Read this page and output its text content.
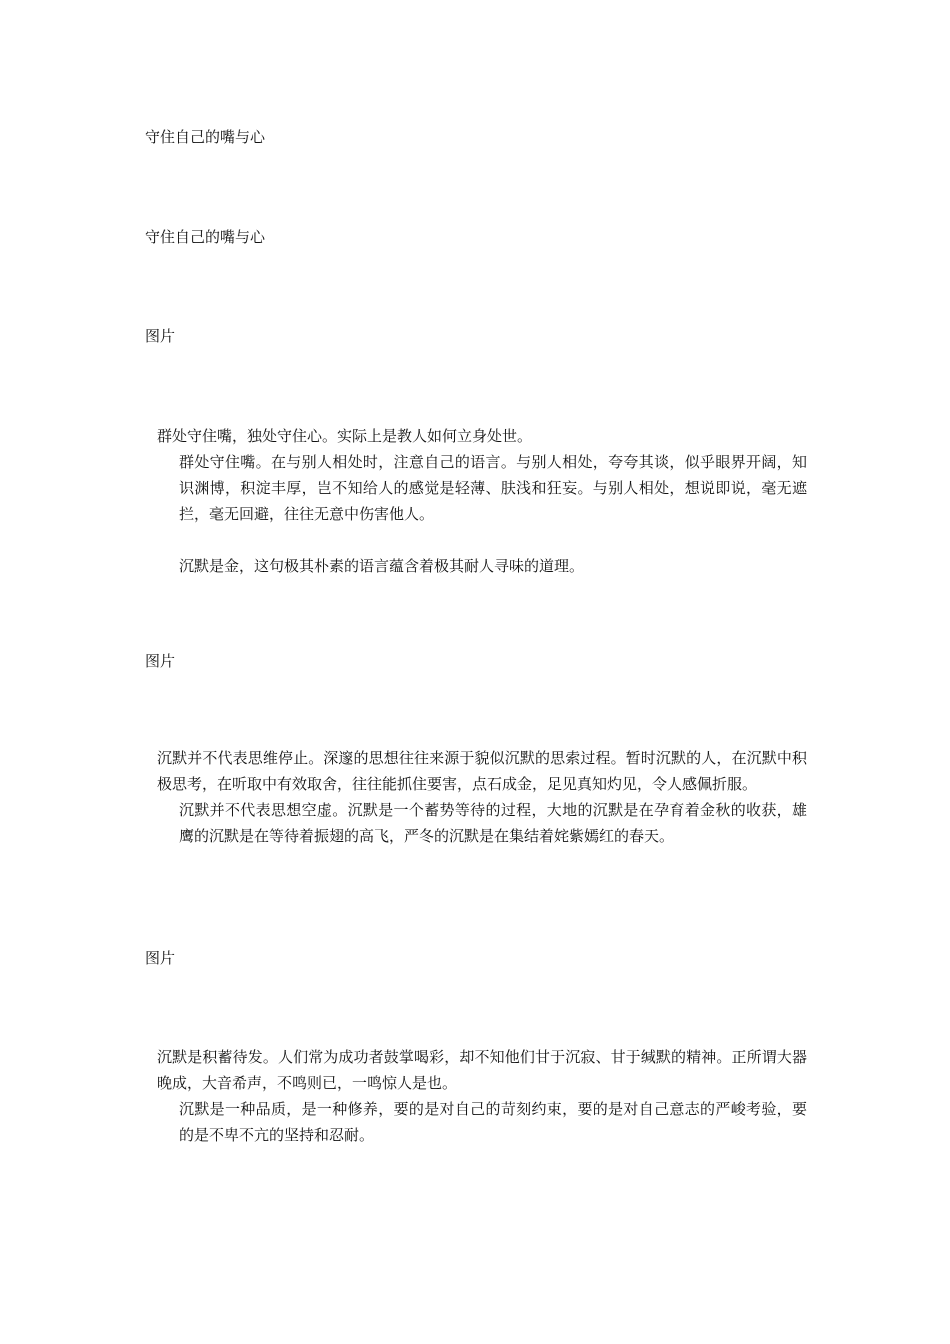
守住自己的嘴与心
守住自己的嘴与心
图片

群处守住嘴，独处守住心。实际上是教人如何立身处世。

群处守住嘴。在与别人相处时，注意自己的语言。与别人相处，夸夸其谈，似乎眼界开阔，知识渊博，积淀丰厚，岂不知给人的感觉是轻薄、肤浅和狂妄。与别人相处，想说即说，毫无遮拦，毫无回避，往往无意中伤害他人。

沉默是金，这句极其朴素的语言蕴含着极其耐人寻味的道理。

图片

沉默并不代表思维停止。深邃的思想往往来源于貌似沉默的思索过程。暂时沉默的人，在沉默中积极思考，在听取中有效取舍，往往能抓住要害，点石成金，足见真知灼见，令人感佩折服。

沉默并不代表思想空虚。沉默是一个蓄势等待的过程，大地的沉默是在孕育着金秋的收获，雄鹰的沉默是在等待着振翅的高飞，严冬的沉默是在集结着姹紫嫣红的春天。

图片

沉默是积蓄待发。人们常为成功者鼓掌喝彩，却不知他们甘于沉寂、甘于缄默的精神。正所谓大器晚成，大音希声，不鸣则已，一鸣惊人是也。

沉默是一种品质，是一种修养，要的是对自己的苛刻约束，要的是对自己意志的严峻考验，要的是不卑不亢的坚持和忍耐。
